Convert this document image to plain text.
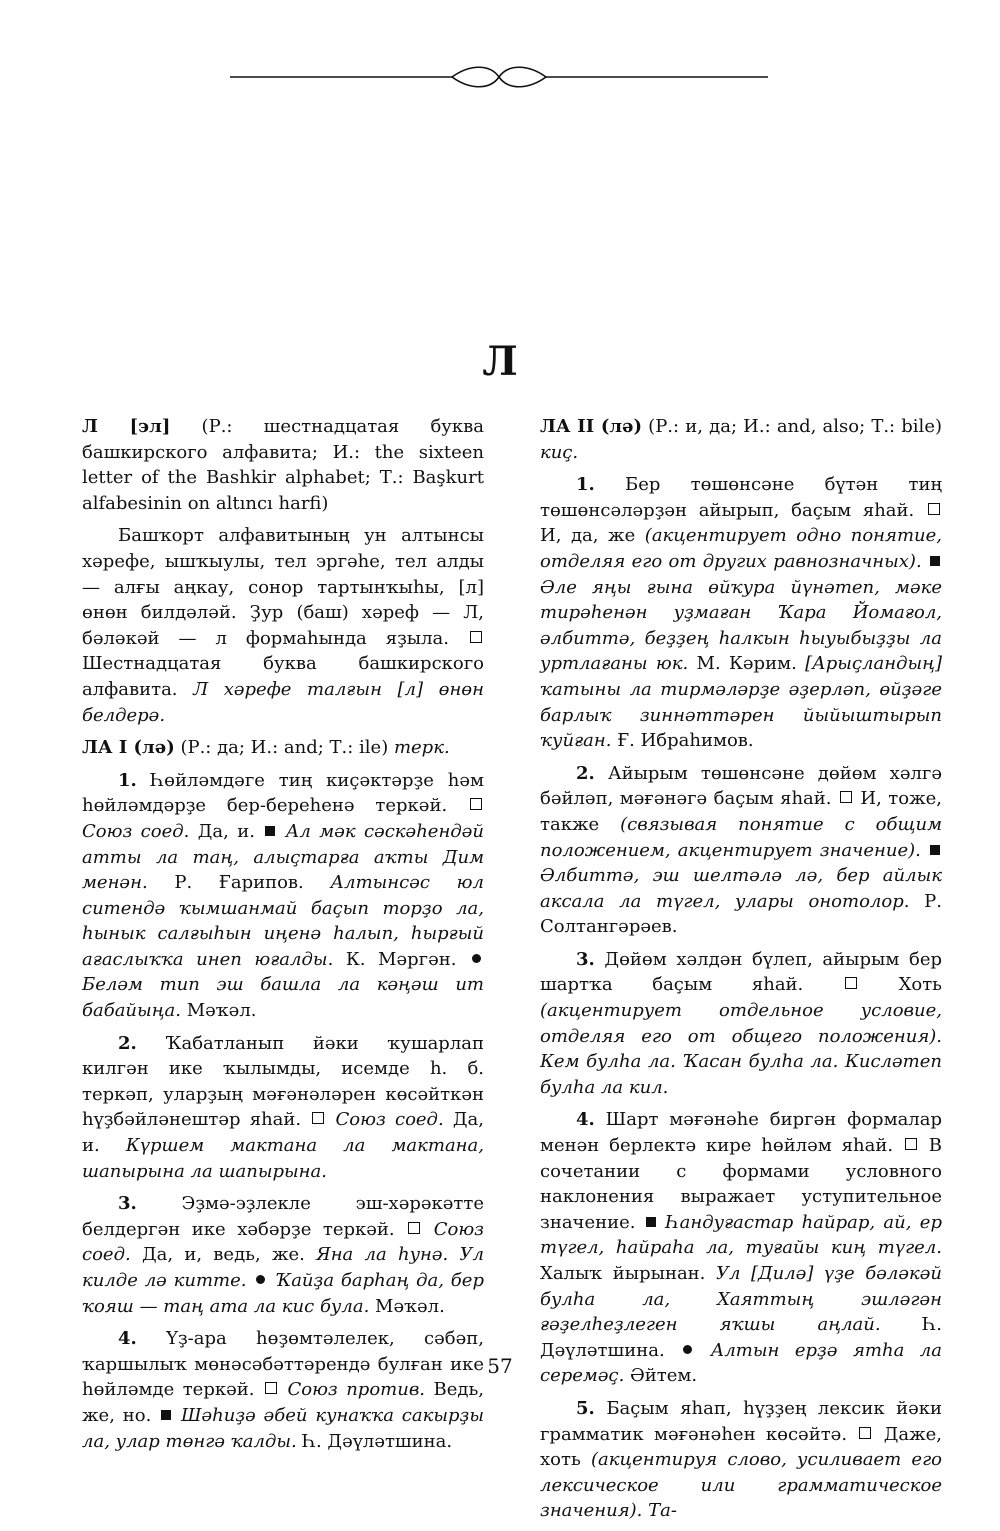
Л

Л [эл] (Р.: шестнадцатая буква башкирского алфавита; И.: the sixteen letter of the Bashkir alphabet; Т.: Başkurt alfabesinin on altıncı harfi)

Башҡорт алфавитының ун алтынсы хәрефе, ышҡыулы, тел эргәһе, тел алды — алғы аңкау, сонор тартынҡыһы, [л] өнөн билдәләй. Ҙур (баш) хәреф — Л, бәләкәй — л формаһында яҙыла.  Шестнадцатая буква башкирского алфавита. Л хәрефе талғын [л] өнөн белдерә.

ЛА I (лә) (Р.: да; И.: and; Т.: ile) терк.

1. Һөйләмдәге тиң киҫәктәрҙе һәм һөйләмдәрҙе бер-береһенә теркәй.  Союз соед. Да, и.  Ал мәк сәскәһендәй атты ла таң, алыҫтарға аҡты Дим менән. Р. Ғарипов. Алтынсәс юл ситендә ҡымшанмай баҫып торҙо ла, һынык салғыһын иңенә һалып, һырғый ағаслыҡҡа инеп юғалды. К. Мәргән.  Беләм тип эш башла ла кәңәш ит бабайыңа. Мәҡәл.

2. Ҡабатланып йәки ҡушарлап килгән ике ҡылымды, исемде һ. б. теркәп, уларҙың мәғәнәләрен көсәйткән һүҙбәйләнештәр яһай.  Союз соед. Да, и. Күршем мактана ла мактана, шапырына ла шапырына.

3. Эҙмә-эҙлекле эш-хәрәкәтте белдергән ике хәбәрҙе теркәй.  Союз соед. Да, и, ведь, же. Яна ла һунә. Ул килде лә китте. Ҡайҙа барһаң да, бер ҡояш — таң ата ла кис була. Мәҡәл.

4. Үҙ-ара һөҙөмтәлелек, сәбәп, ҡаршылыҡ мөнәсәбәттәрендә булған ике һөйләмде теркәй.  Союз против. Ведь, же, но.  Шәһиҙә әбей кунаҡҡа сакырҙы ла, улар төнгә ҡалды. Һ. Дәүләтшина.

ЛА II (лә) (Р.: и, да; И.: and, also; Т.: bile) киҫ.

1. Бер төшөнсәне бүтән тиң төшөнсәләрҙән айырып, баҫым яһай.  И, да, же (акцентирует одно понятие, отделяя его от других равнозначных).  Әле яңы ғына өйҡура йүнәтеп, мәке тирәһенән уҙмаған Ҡара Йомағол, әлбиттә, беҙҙең һалкын һыуыбыҙҙы ла уртлағаны юк. М. Кәрим. [Арыҫландың] ҡатыны ла тирмәләрҙе әҙерләп, өйҙәге барлыҡ зиннәттәрен йыйыштырып ҡуйған. Ғ. Ибраһимов.

2. Айырым төшөнсәне дөйөм хәлгә бәйләп, мәғәнәгә баҫым яһай.  И, тоже, также (связывая понятие с общим положением, акцентирует значение).  Әлбиттә, эш шелтәлә лә, бер айлык аксала ла түгел, улары онотолор. Р. Солтангәрәев.

3. Дөйөм хәлдән бүлеп, айырым бер шартҡа баҫым яһай.  Хоть (акцентирует отдельное условие, отделяя его от общего положения). Кем булһа ла. Ҡасан булһа ла. Кисләтеп булһа ла кил.

4. Шарт мәғәнәһе биргән формалар менән берлектә кире һөйләм яһай.  В сочетании с формами условного наклонения выражает уступительное значение.  Һандуғастар һайрар, ай, ер түгел, һайраһа ла, туғайы киң түгел. Халыҡ йырынан. Ул [Дилә] үҙе бәләкәй булһа ла, Хаяттың эшләгән ғәҙелһеҙлеген яҡшы аңлай. Һ. Дәүләтшина.  Алтын ерҙә ятһа ла серемәҫ. Әйтем.

5. Баҫым яһап, һүҙҙең лексик йәки грамматик мәғәнәһен көсәйтә.  Даже, хоть (акцентируя слово, усиливает его лексическое или грамматическое значения). Та-

57
